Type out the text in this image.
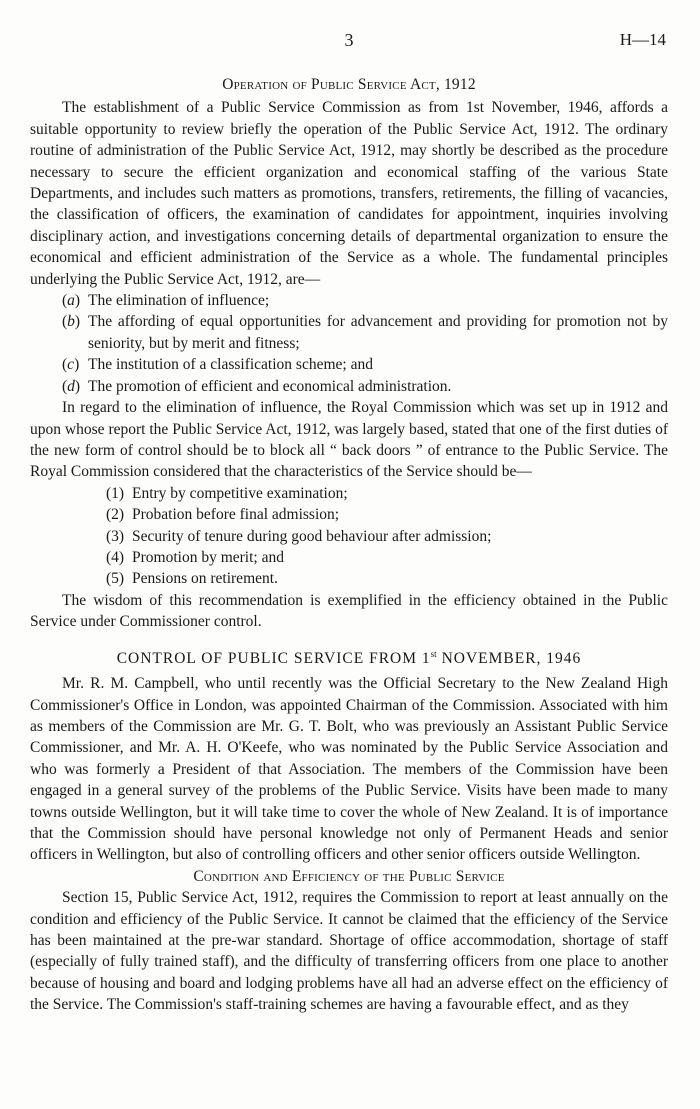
3	H—14
Operation of Public Service Act, 1912

The establishment of a Public Service Commission as from 1st November, 1946, affords a suitable opportunity to review briefly the operation of the Public Service Act, 1912. The ordinary routine of administration of the Public Service Act, 1912, may shortly be described as the procedure necessary to secure the efficient organization and economical staffing of the various State Departments, and includes such matters as promotions, transfers, retirements, the filling of vacancies, the classification of officers, the examination of candidates for appointment, inquiries involving disciplinary action, and investigations concerning details of departmental organization to ensure the economical and efficient administration of the Service as a whole. The fundamental principles underlying the Public Service Act, 1912, are—

(a) The elimination of influence;
(b) The affording of equal opportunities for advancement and providing for promotion not by seniority, but by merit and fitness;
(c) The institution of a classification scheme; and
(d) The promotion of efficient and economical administration.

In regard to the elimination of influence, the Royal Commission which was set up in 1912 and upon whose report the Public Service Act, 1912, was largely based, stated that one of the first duties of the new form of control should be to block all “ back doors ” of entrance to the Public Service. The Royal Commission considered that the characteristics of the Service should be—

(1) Entry by competitive examination;
(2) Probation before final admission;
(3) Security of tenure during good behaviour after admission;
(4) Promotion by merit; and
(5) Pensions on retirement.

The wisdom of this recommendation is exemplified in the efficiency obtained in the Public Service under Commissioner control.

CONTROL OF PUBLIC SERVICE FROM 1st NOVEMBER, 1946

Mr. R. M. Campbell, who until recently was the Official Secretary to the New Zealand High Commissioner's Office in London, was appointed Chairman of the Commission. Associated with him as members of the Commission are Mr. G. T. Bolt, who was previously an Assistant Public Service Commissioner, and Mr. A. H. O'Keefe, who was nominated by the Public Service Association and who was formerly a President of that Association. The members of the Commission have been engaged in a general survey of the problems of the Public Service. Visits have been made to many towns outside Wellington, but it will take time to cover the whole of New Zealand. It is of importance that the Commission should have personal knowledge not only of Permanent Heads and senior officers in Wellington, but also of controlling officers and other senior officers outside Wellington.

Condition and Efficiency of the Public Service

Section 15, Public Service Act, 1912, requires the Commission to report at least annually on the condition and efficiency of the Public Service. It cannot be claimed that the efficiency of the Service has been maintained at the pre-war standard. Shortage of office accommodation, shortage of staff (especially of fully trained staff), and the difficulty of transferring officers from one place to another because of housing and board and lodging problems have all had an adverse effect on the efficiency of the Service. The Commission's staff-training schemes are having a favourable effect, and as they
